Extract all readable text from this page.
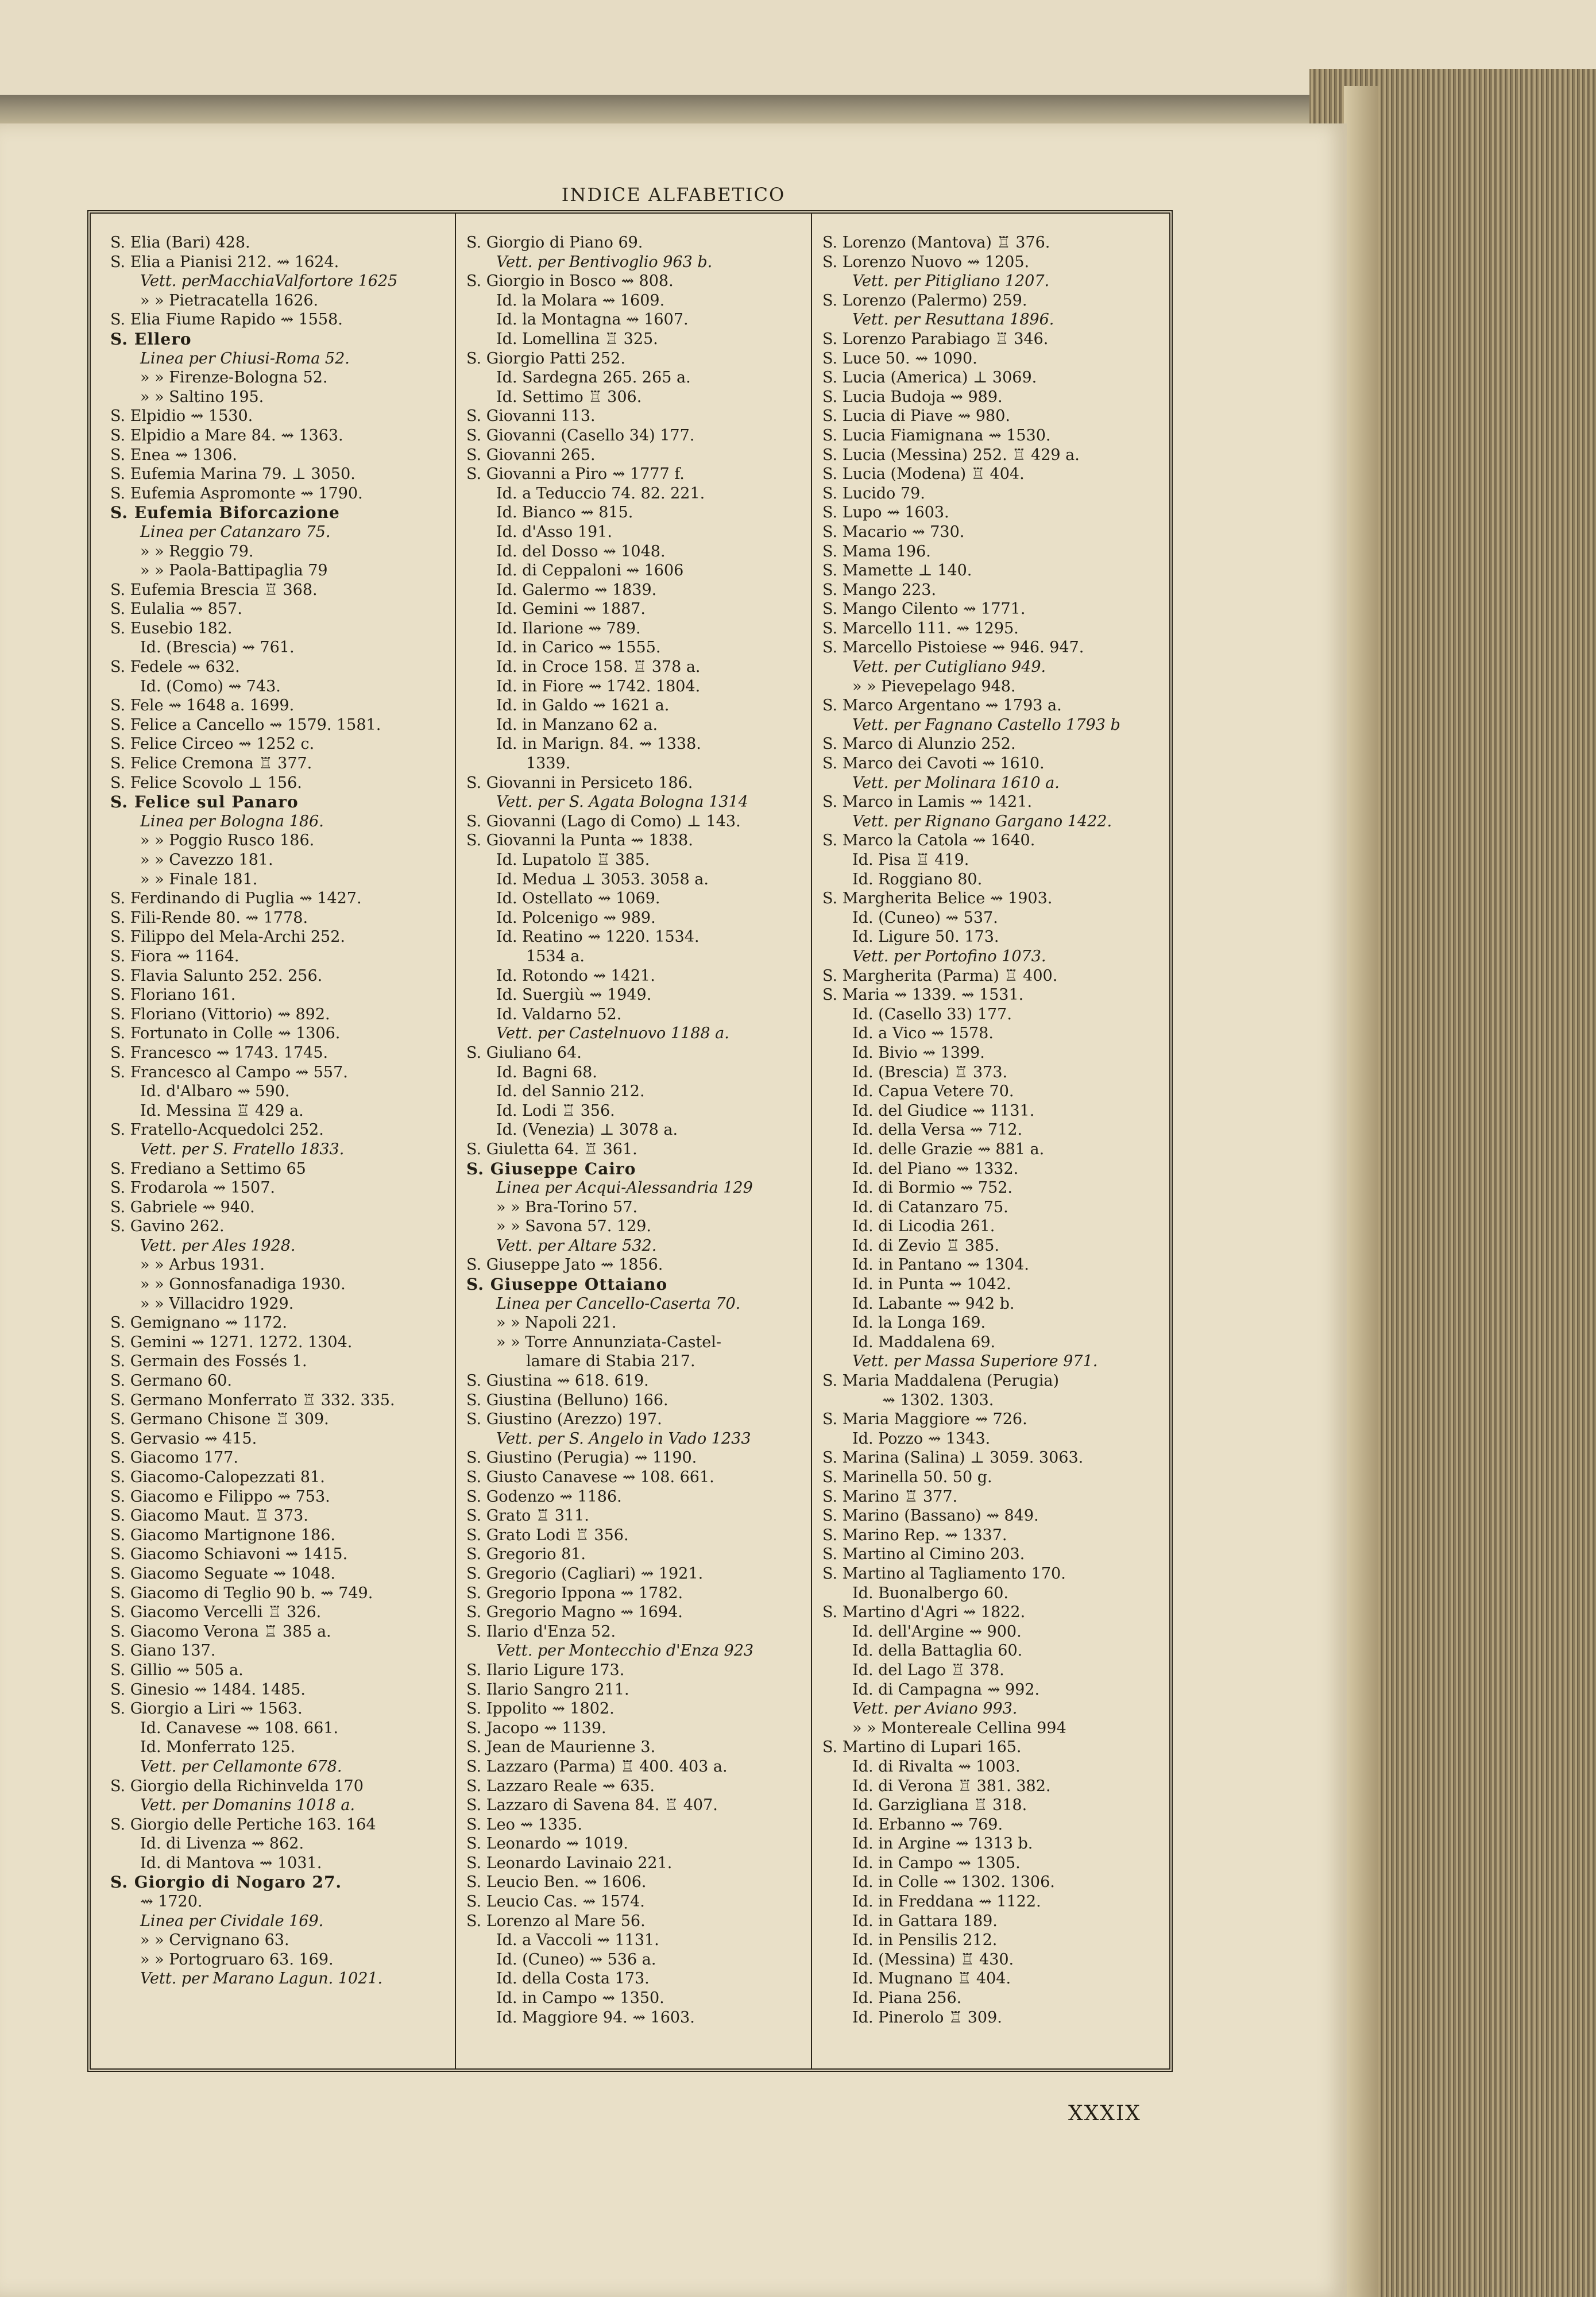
INDICE ALFABETICO
S. Elia (Bari) 428.
S. Elia a Pianisi 212. ⇝ 1624.
Vett. perMacchiaValfortore 1625
» » Pietracatella 1626.
S. Elia Fiume Rapido ⇝ 1558.
S. Ellero
Linea per Chiusi-Roma 52.
» » Firenze-Bologna 52.
» » Saltino 195.
S. Elpidio ⇝ 1530.
S. Elpidio a Mare 84. ⇝ 1363.
S. Enea ⇝ 1306.
S. Eufemia Marina 79. ⊥ 3050.
S. Eufemia Aspromonte ⇝ 1790.
S. Eufemia Biforcazione
Linea per Catanzaro 75.
» » Reggio 79.
» » Paola-Battipaglia 79
S. Eufemia Brescia ♖ 368.
S. Eulalia ⇝ 857.
S. Eusebio 182.
Id. (Brescia) ⇝ 761.
S. Fedele ⇝ 632.
Id. (Como) ⇝ 743.
S. Fele ⇝ 1648 a. 1699.
S. Felice a Cancello ⇝ 1579. 1581.
S. Felice Circeo ⇝ 1252 c.
S. Felice Cremona ♖ 377.
S. Felice Scovolo ⊥ 156.
S. Felice sul Panaro
Linea per Bologna 186.
» » Poggio Rusco 186.
» » Cavezzo 181.
» » Finale 181.
S. Ferdinando di Puglia ⇝ 1427.
S. Fili-Rende 80. ⇝ 1778.
S. Filippo del Mela-Archi 252.
S. Fiora ⇝ 1164.
S. Flavia Salunto 252. 256.
S. Floriano 161.
S. Floriano (Vittorio) ⇝ 892.
S. Fortunato in Colle ⇝ 1306.
S. Francesco ⇝ 1743. 1745.
S. Francesco al Campo ⇝ 557.
Id. d'Albaro ⇝ 590.
Id. Messina ♖ 429 a.
S. Fratello-Acquedolci 252.
Vett. per S. Fratello 1833.
S. Frediano a Settimo 65
S. Frodarola ⇝ 1507.
S. Gabriele ⇝ 940.
S. Gavino 262.
Vett. per Ales 1928.
» » Arbus 1931.
» » Gonnosfanadiga 1930.
» » Villacidro 1929.
S. Gemignano ⇝ 1172.
S. Gemini ⇝ 1271. 1272. 1304.
S. Germain des Fossés 1.
S. Germano 60.
S. Germano Monferrato ♖ 332. 335.
S. Germano Chisone ♖ 309.
S. Gervasio ⇝ 415.
S. Giacomo 177.
S. Giacomo-Calopezzati 81.
S. Giacomo e Filippo ⇝ 753.
S. Giacomo Maut. ♖ 373.
S. Giacomo Martignone 186.
S. Giacomo Schiavoni ⇝ 1415.
S. Giacomo Seguate ⇝ 1048.
S. Giacomo di Teglio 90 b. ⇝ 749.
S. Giacomo Vercelli ♖ 326.
S. Giacomo Verona ♖ 385 a.
S. Giano 137.
S. Gillio ⇝ 505 a.
S. Ginesio ⇝ 1484. 1485.
S. Giorgio a Liri ⇝ 1563.
Id. Canavese ⇝ 108. 661.
Id. Monferrato 125.
Vett. per Cellamonte 678.
S. Giorgio della Richinvelda 170
Vett. per Domanins 1018 a.
S. Giorgio delle Pertiche 163. 164
Id. di Livenza ⇝ 862.
Id. di Mantova ⇝ 1031.
S. Giorgio di Nogaro 27.
⇝ 1720.
Linea per Cividale 169.
» » Cervignano 63.
» » Portogruaro 63. 169.
Vett. per Marano Lagun. 1021.
S. Giorgio di Piano 69.
Vett. per Bentivoglio 963 b.
S. Giorgio in Bosco ⇝ 808.
Id. la Molara ⇝ 1609.
Id. la Montagna ⇝ 1607.
Id. Lomellina ♖ 325.
S. Giorgio Patti 252.
Id. Sardegna 265. 265 a.
Id. Settimo ♖ 306.
S. Giovanni 113.
S. Giovanni (Casello 34) 177.
S. Giovanni 265.
S. Giovanni a Piro ⇝ 1777 f.
Id. a Teduccio 74. 82. 221.
Id. Bianco ⇝ 815.
Id. d'Asso 191.
Id. del Dosso ⇝ 1048.
Id. di Ceppaloni ⇝ 1606
Id. Galermo ⇝ 1839.
Id. Gemini ⇝ 1887.
Id. Ilarione ⇝ 789.
Id. in Carico ⇝ 1555.
Id. in Croce 158. ♖ 378 a.
Id. in Fiore ⇝ 1742. 1804.
Id. in Galdo ⇝ 1621 a.
Id. in Manzano 62 a.
Id. in Marign. 84. ⇝ 1338.
1339.
S. Giovanni in Persiceto 186.
Vett. per S. Agata Bologna 1314
S. Giovanni (Lago di Como) ⊥ 143.
S. Giovanni la Punta ⇝ 1838.
Id. Lupatolo ♖ 385.
Id. Medua ⊥ 3053. 3058 a.
Id. Ostellato ⇝ 1069.
Id. Polcenigo ⇝ 989.
Id. Reatino ⇝ 1220. 1534.
1534 a.
Id. Rotondo ⇝ 1421.
Id. Suergiù ⇝ 1949.
Id. Valdarno 52.
Vett. per Castelnuovo 1188 a.
S. Giuliano 64.
Id. Bagni 68.
Id. del Sannio 212.
Id. Lodi ♖ 356.
Id. (Venezia) ⊥ 3078 a.
S. Giuletta 64. ♖ 361.
S. Giuseppe Cairo
Linea per Acqui-Alessandria 129
» » Bra-Torino 57.
» » Savona 57. 129.
Vett. per Altare 532.
S. Giuseppe Jato ⇝ 1856.
S. Giuseppe Ottaiano
Linea per Cancello-Caserta 70.
» » Napoli 221.
» » Torre Annunziata-Castel-
lamare di Stabia 217.
S. Giustina ⇝ 618. 619.
S. Giustina (Belluno) 166.
S. Giustino (Arezzo) 197.
Vett. per S. Angelo in Vado 1233
S. Giustino (Perugia) ⇝ 1190.
S. Giusto Canavese ⇝ 108. 661.
S. Godenzo ⇝ 1186.
S. Grato ♖ 311.
S. Grato Lodi ♖ 356.
S. Gregorio 81.
S. Gregorio (Cagliari) ⇝ 1921.
S. Gregorio Ippona ⇝ 1782.
S. Gregorio Magno ⇝ 1694.
S. Ilario d'Enza 52.
Vett. per Montecchio d'Enza 923
S. Ilario Ligure 173.
S. Ilario Sangro 211.
S. Ippolito ⇝ 1802.
S. Jacopo ⇝ 1139.
S. Jean de Maurienne 3.
S. Lazzaro (Parma) ♖ 400. 403 a.
S. Lazzaro Reale ⇝ 635.
S. Lazzaro di Savena 84. ♖ 407.
S. Leo ⇝ 1335.
S. Leonardo ⇝ 1019.
S. Leonardo Lavinaio 221.
S. Leucio Ben. ⇝ 1606.
S. Leucio Cas. ⇝ 1574.
S. Lorenzo al Mare 56.
Id. a Vaccoli ⇝ 1131.
Id. (Cuneo) ⇝ 536 a.
Id. della Costa 173.
Id. in Campo ⇝ 1350.
Id. Maggiore 94. ⇝ 1603.
S. Lorenzo (Mantova) ♖ 376.
S. Lorenzo Nuovo ⇝ 1205.
Vett. per Pitigliano 1207.
S. Lorenzo (Palermo) 259.
Vett. per Resuttana 1896.
S. Lorenzo Parabiago ♖ 346.
S. Luce 50. ⇝ 1090.
S. Lucia (America) ⊥ 3069.
S. Lucia Budoja ⇝ 989.
S. Lucia di Piave ⇝ 980.
S. Lucia Fiamignana ⇝ 1530.
S. Lucia (Messina) 252. ♖ 429 a.
S. Lucia (Modena) ♖ 404.
S. Lucido 79.
S. Lupo ⇝ 1603.
S. Macario ⇝ 730.
S. Mama 196.
S. Mamette ⊥ 140.
S. Mango 223.
S. Mango Cilento ⇝ 1771.
S. Marcello 111. ⇝ 1295.
S. Marcello Pistoiese ⇝ 946. 947.
Vett. per Cutigliano 949.
» » Pievepelago 948.
S. Marco Argentano ⇝ 1793 a.
Vett. per Fagnano Castello 1793 b
S. Marco di Alunzio 252.
S. Marco dei Cavoti ⇝ 1610.
Vett. per Molinara 1610 a.
S. Marco in Lamis ⇝ 1421.
Vett. per Rignano Gargano 1422.
S. Marco la Catola ⇝ 1640.
Id. Pisa ♖ 419.
Id. Roggiano 80.
S. Margherita Belice ⇝ 1903.
Id. (Cuneo) ⇝ 537.
Id. Ligure 50. 173.
Vett. per Portofino 1073.
S. Margherita (Parma) ♖ 400.
S. Maria ⇝ 1339. ⇝ 1531.
Id. (Casello 33) 177.
Id. a Vico ⇝ 1578.
Id. Bivio ⇝ 1399.
Id. (Brescia) ♖ 373.
Id. Capua Vetere 70.
Id. del Giudice ⇝ 1131.
Id. della Versa ⇝ 712.
Id. delle Grazie ⇝ 881 a.
Id. del Piano ⇝ 1332.
Id. di Bormio ⇝ 752.
Id. di Catanzaro 75.
Id. di Licodia 261.
Id. di Zevio ♖ 385.
Id. in Pantano ⇝ 1304.
Id. in Punta ⇝ 1042.
Id. Labante ⇝ 942 b.
Id. la Longa 169.
Id. Maddalena 69.
Vett. per Massa Superiore 971.
S. Maria Maddalena (Perugia)
⇝ 1302. 1303.
S. Maria Maggiore ⇝ 726.
Id. Pozzo ⇝ 1343.
S. Marina (Salina) ⊥ 3059. 3063.
S. Marinella 50. 50 g.
S. Marino ♖ 377.
S. Marino (Bassano) ⇝ 849.
S. Marino Rep. ⇝ 1337.
S. Martino al Cimino 203.
S. Martino al Tagliamento 170.
Id. Buonalbergo 60.
S. Martino d'Agri ⇝ 1822.
Id. dell'Argine ⇝ 900.
Id. della Battaglia 60.
Id. del Lago ♖ 378.
Id. di Campagna ⇝ 992.
Vett. per Aviano 993.
» » Montereale Cellina 994
S. Martino di Lupari 165.
Id. di Rivalta ⇝ 1003.
Id. di Verona ♖ 381. 382.
Id. Garzigliana ♖ 318.
Id. Erbanno ⇝ 769.
Id. in Argine ⇝ 1313 b.
Id. in Campo ⇝ 1305.
Id. in Colle ⇝ 1302. 1306.
Id. in Freddana ⇝ 1122.
Id. in Gattara 189.
Id. in Pensilis 212.
Id. (Messina) ♖ 430.
Id. Mugnano ♖ 404.
Id. Piana 256.
Id. Pinerolo ♖ 309.
XXXIX
